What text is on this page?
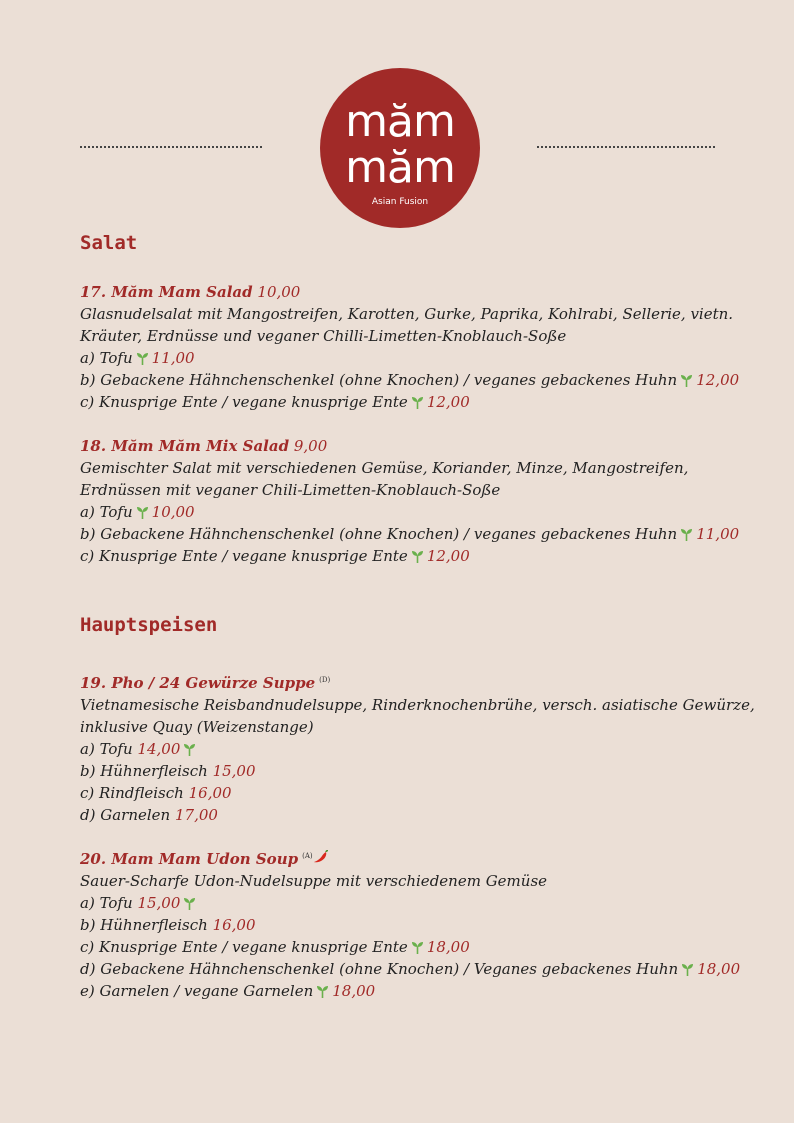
măm
măm
Asian Fusion
Salat
17. Măm Mam Salad 10,00
Glasnudelsalat mit Mangostreifen, Karotten, Gurke, Paprika, Kohlrabi, Sellerie, vietn.
Kräuter, Erdnüsse und veganer Chilli-Limetten-Knoblauch-Soße
a) Tofu 11,00
b) Gebackene Hähnchenschenkel (ohne Knochen) / veganes gebackenes Huhn 12,00
c) Knusprige Ente / vegane knusprige Ente 12,00
18. Măm Măm Mix Salad 9,00
Gemischter Salat mit verschiedenen Gemüse, Koriander, Minze, Mangostreifen,
Erdnüssen mit veganer Chili-Limetten-Knoblauch-Soße
a) Tofu 10,00
b) Gebackene Hähnchenschenkel (ohne Knochen) / veganes gebackenes Huhn 11,00
c) Knusprige Ente / vegane knusprige Ente 12,00
Hauptspeisen
19. Pho / 24 Gewürze Suppe $^{(D)}$
Vietnamesische Reisbandnudelsuppe, Rinderknochenbrühe, versch. asiatische Gewürze,
inklusive Quay (Weizenstange)
a) Tofu 14,00
b) Hühnerfleisch 15,00
c) Rindfleisch 16,00
d) Garnelen 17,00
20. Mam Mam Udon Soup $^{(A)}$
Sauer-Scharfe Udon-Nudelsuppe mit verschiedenem Gemüse
a) Tofu 15,00
b) Hühnerfleisch 16,00
c) Knusprige Ente / vegane knusprige Ente 18,00
d) Gebackene Hähnchenschenkel (ohne Knochen) / Veganes gebackenes Huhn 18,00
e) Garnelen / vegane Garnelen 18,00
